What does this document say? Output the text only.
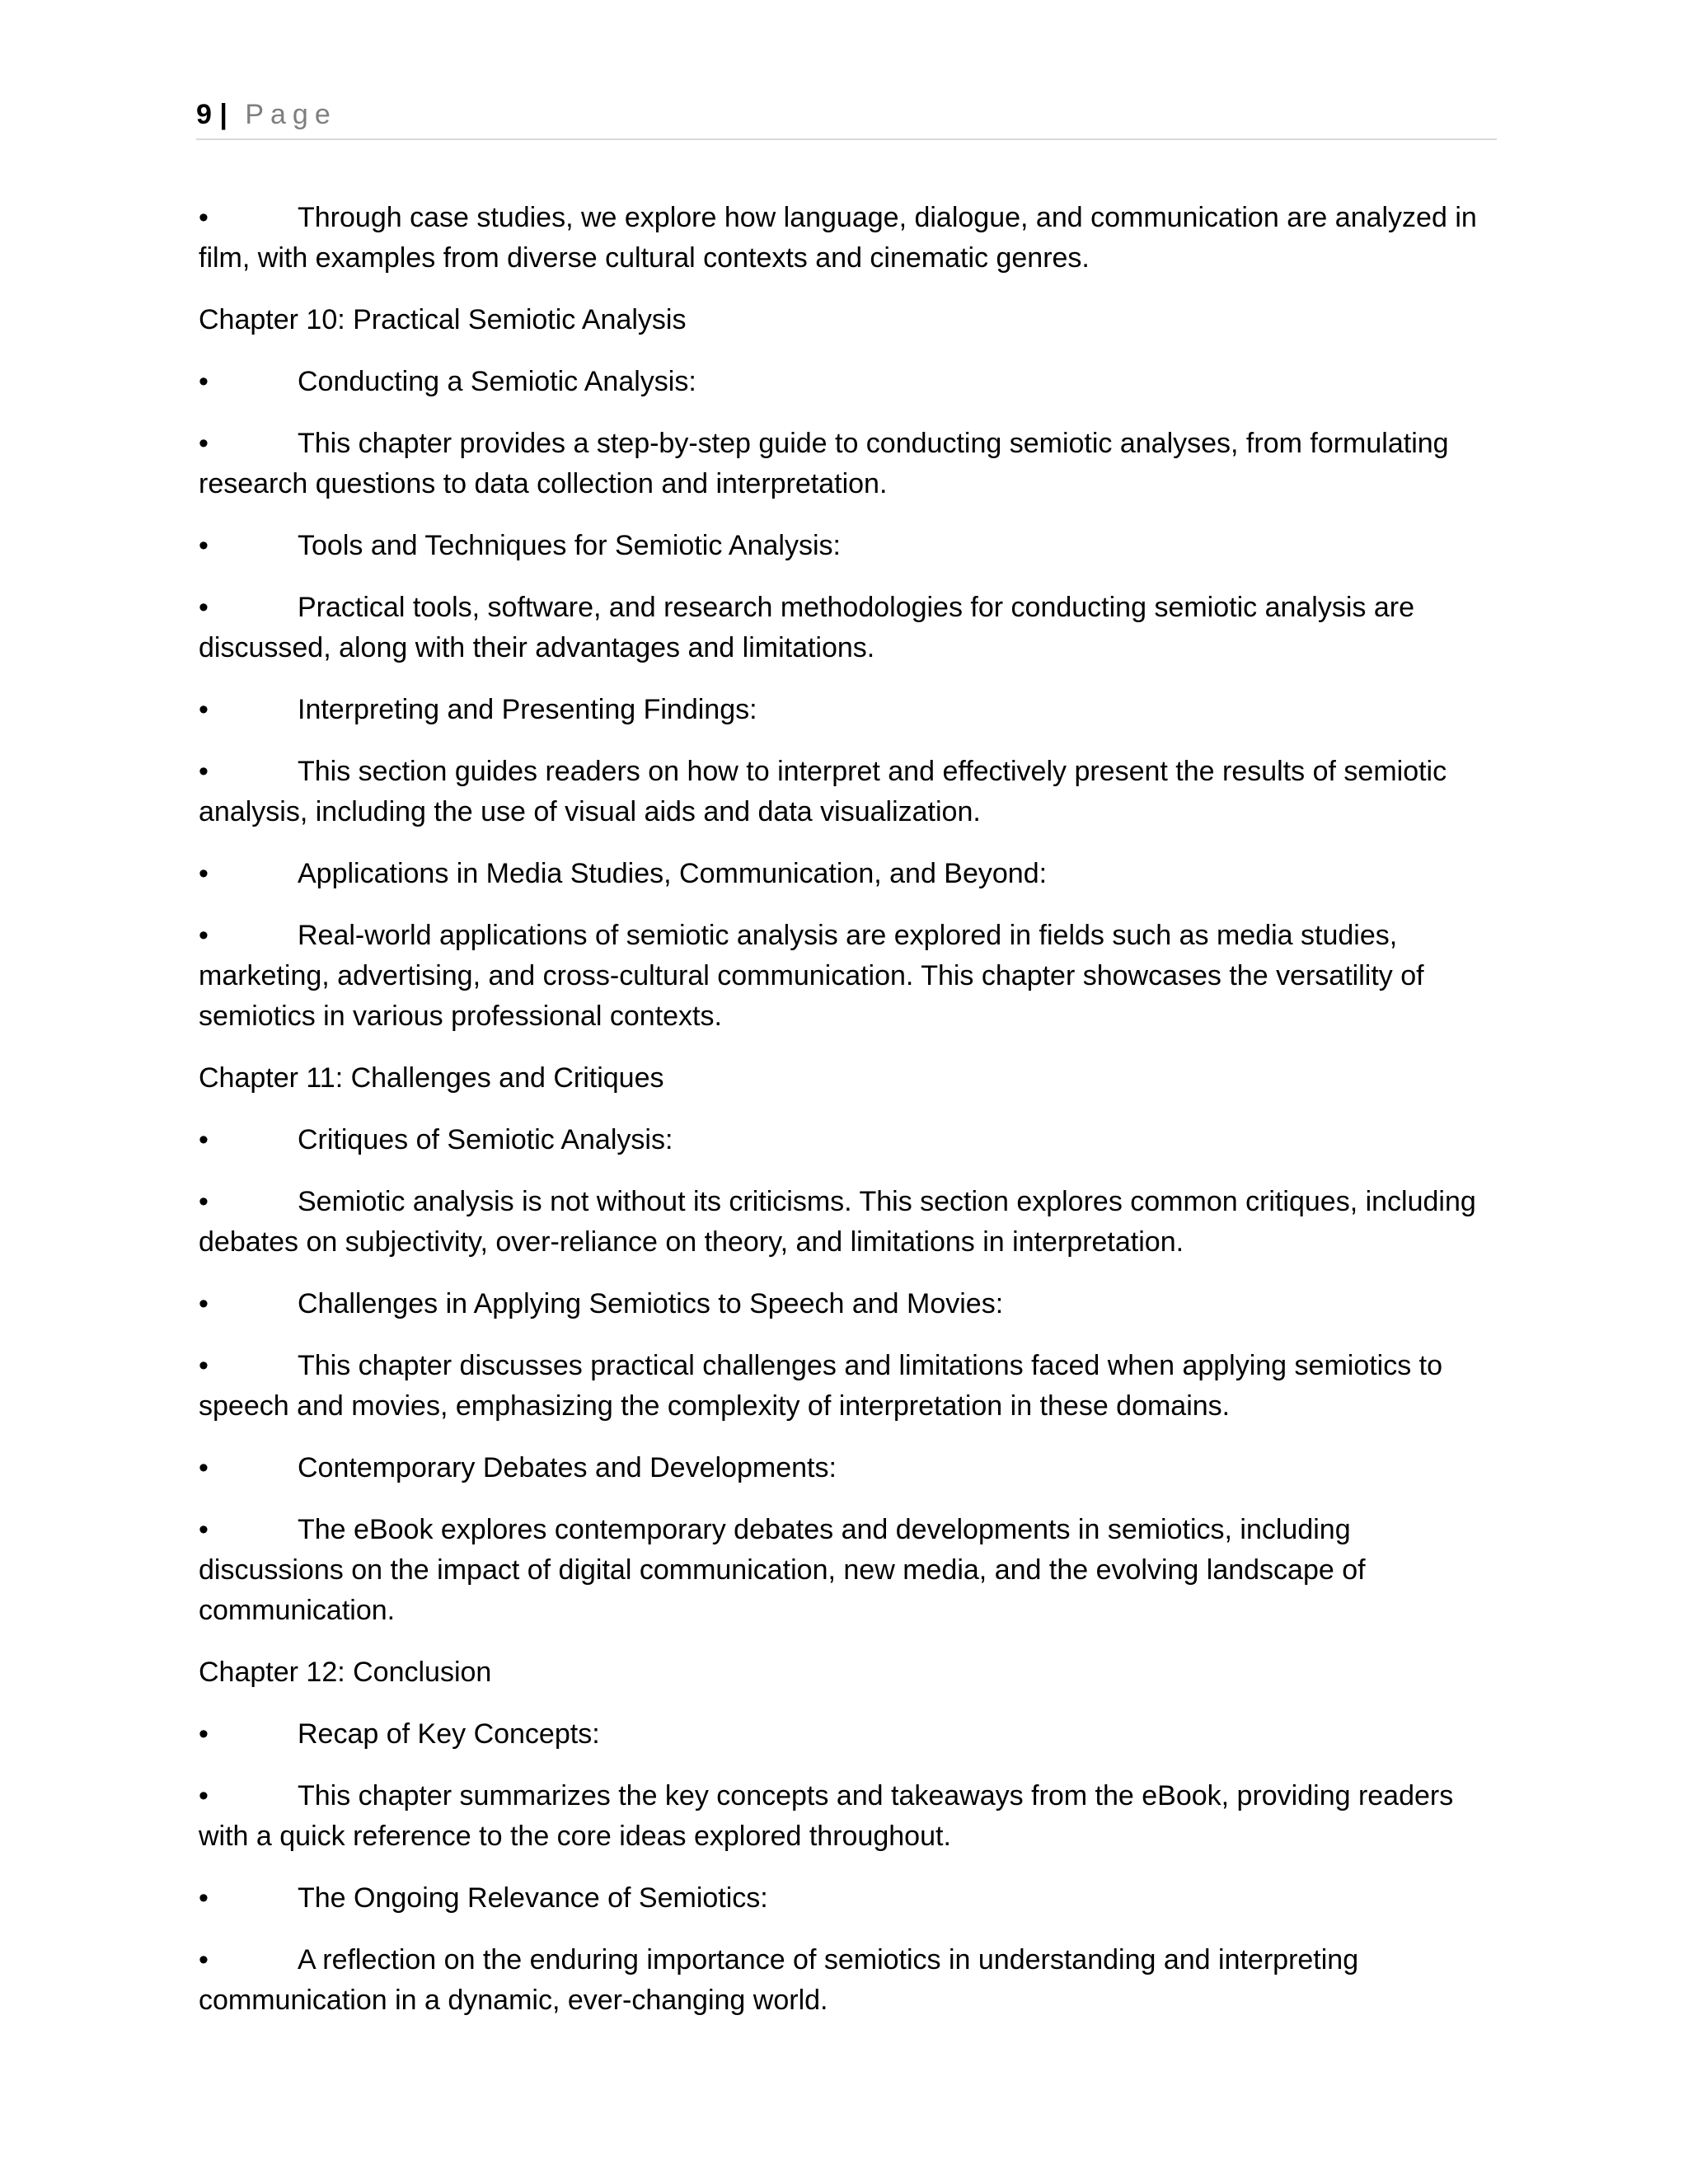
9 | Page

•	Through case studies, we explore how language, dialogue, and communication are analyzed in film, with examples from diverse cultural contexts and cinematic genres.

Chapter 10: Practical Semiotic Analysis

•	Conducting a Semiotic Analysis:

•	This chapter provides a step-by-step guide to conducting semiotic analyses, from formulating research questions to data collection and interpretation.

•	Tools and Techniques for Semiotic Analysis:

•	Practical tools, software, and research methodologies for conducting semiotic analysis are discussed, along with their advantages and limitations.

•	Interpreting and Presenting Findings:

•	This section guides readers on how to interpret and effectively present the results of semiotic analysis, including the use of visual aids and data visualization.

•	Applications in Media Studies, Communication, and Beyond:

•	Real-world applications of semiotic analysis are explored in fields such as media studies, marketing, advertising, and cross-cultural communication. This chapter showcases the versatility of semiotics in various professional contexts.

Chapter 11: Challenges and Critiques

•	Critiques of Semiotic Analysis:

•	Semiotic analysis is not without its criticisms. This section explores common critiques, including debates on subjectivity, over-reliance on theory, and limitations in interpretation.

•	Challenges in Applying Semiotics to Speech and Movies:

•	This chapter discusses practical challenges and limitations faced when applying semiotics to speech and movies, emphasizing the complexity of interpretation in these domains.

•	Contemporary Debates and Developments:

•	The eBook explores contemporary debates and developments in semiotics, including discussions on the impact of digital communication, new media, and the evolving landscape of communication.

Chapter 12: Conclusion

•	Recap of Key Concepts:

•	This chapter summarizes the key concepts and takeaways from the eBook, providing readers with a quick reference to the core ideas explored throughout.

•	The Ongoing Relevance of Semiotics:

•	A reflection on the enduring importance of semiotics in understanding and interpreting communication in a dynamic, ever-changing world.
